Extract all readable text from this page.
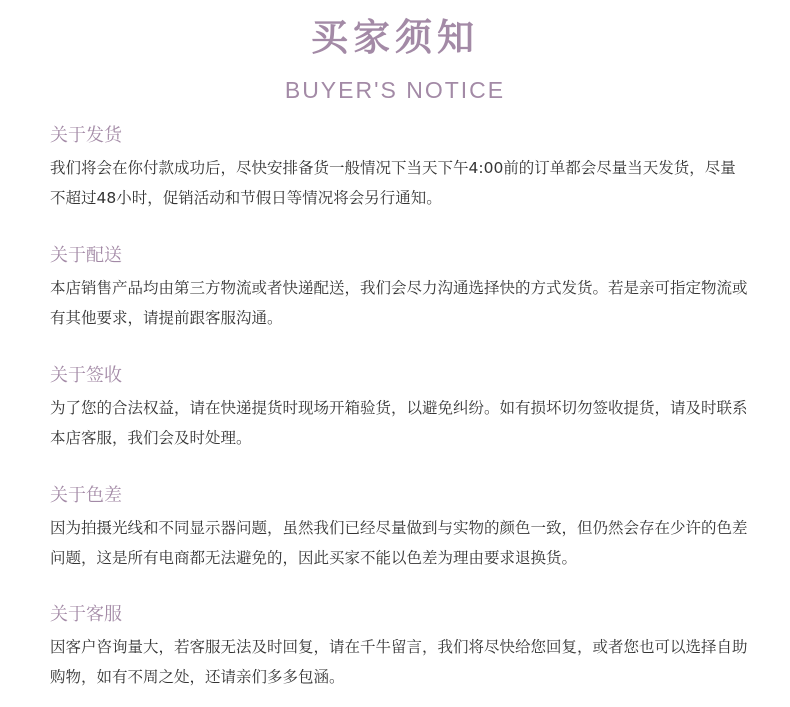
买家须知
BUYER'S NOTICE
关于发货
我们将会在你付款成功后，尽快安排备货一般情况下当天下午4:00前的订单都会尽量当天发货，尽量不超过48小时，促销活动和节假日等情况将会另行通知。
关于配送
本店销售产品均由第三方物流或者快递配送，我们会尽力沟通选择快的方式发货。若是亲可指定物流或有其他要求，请提前跟客服沟通。
关于签收
为了您的合法权益，请在快递提货时现场开箱验货，以避免纠纷。如有损坏切勿签收提货，请及时联系本店客服，我们会及时处理。
关于色差
因为拍摄光线和不同显示器问题，虽然我们已经尽量做到与实物的颜色一致，但仍然会存在少许的色差问题，这是所有电商都无法避免的，因此买家不能以色差为理由要求退换货。
关于客服
因客户咨询量大，若客服无法及时回复，请在千牛留言，我们将尽快给您回复，或者您也可以选择自助购物，如有不周之处，还请亲们多多包涵。
